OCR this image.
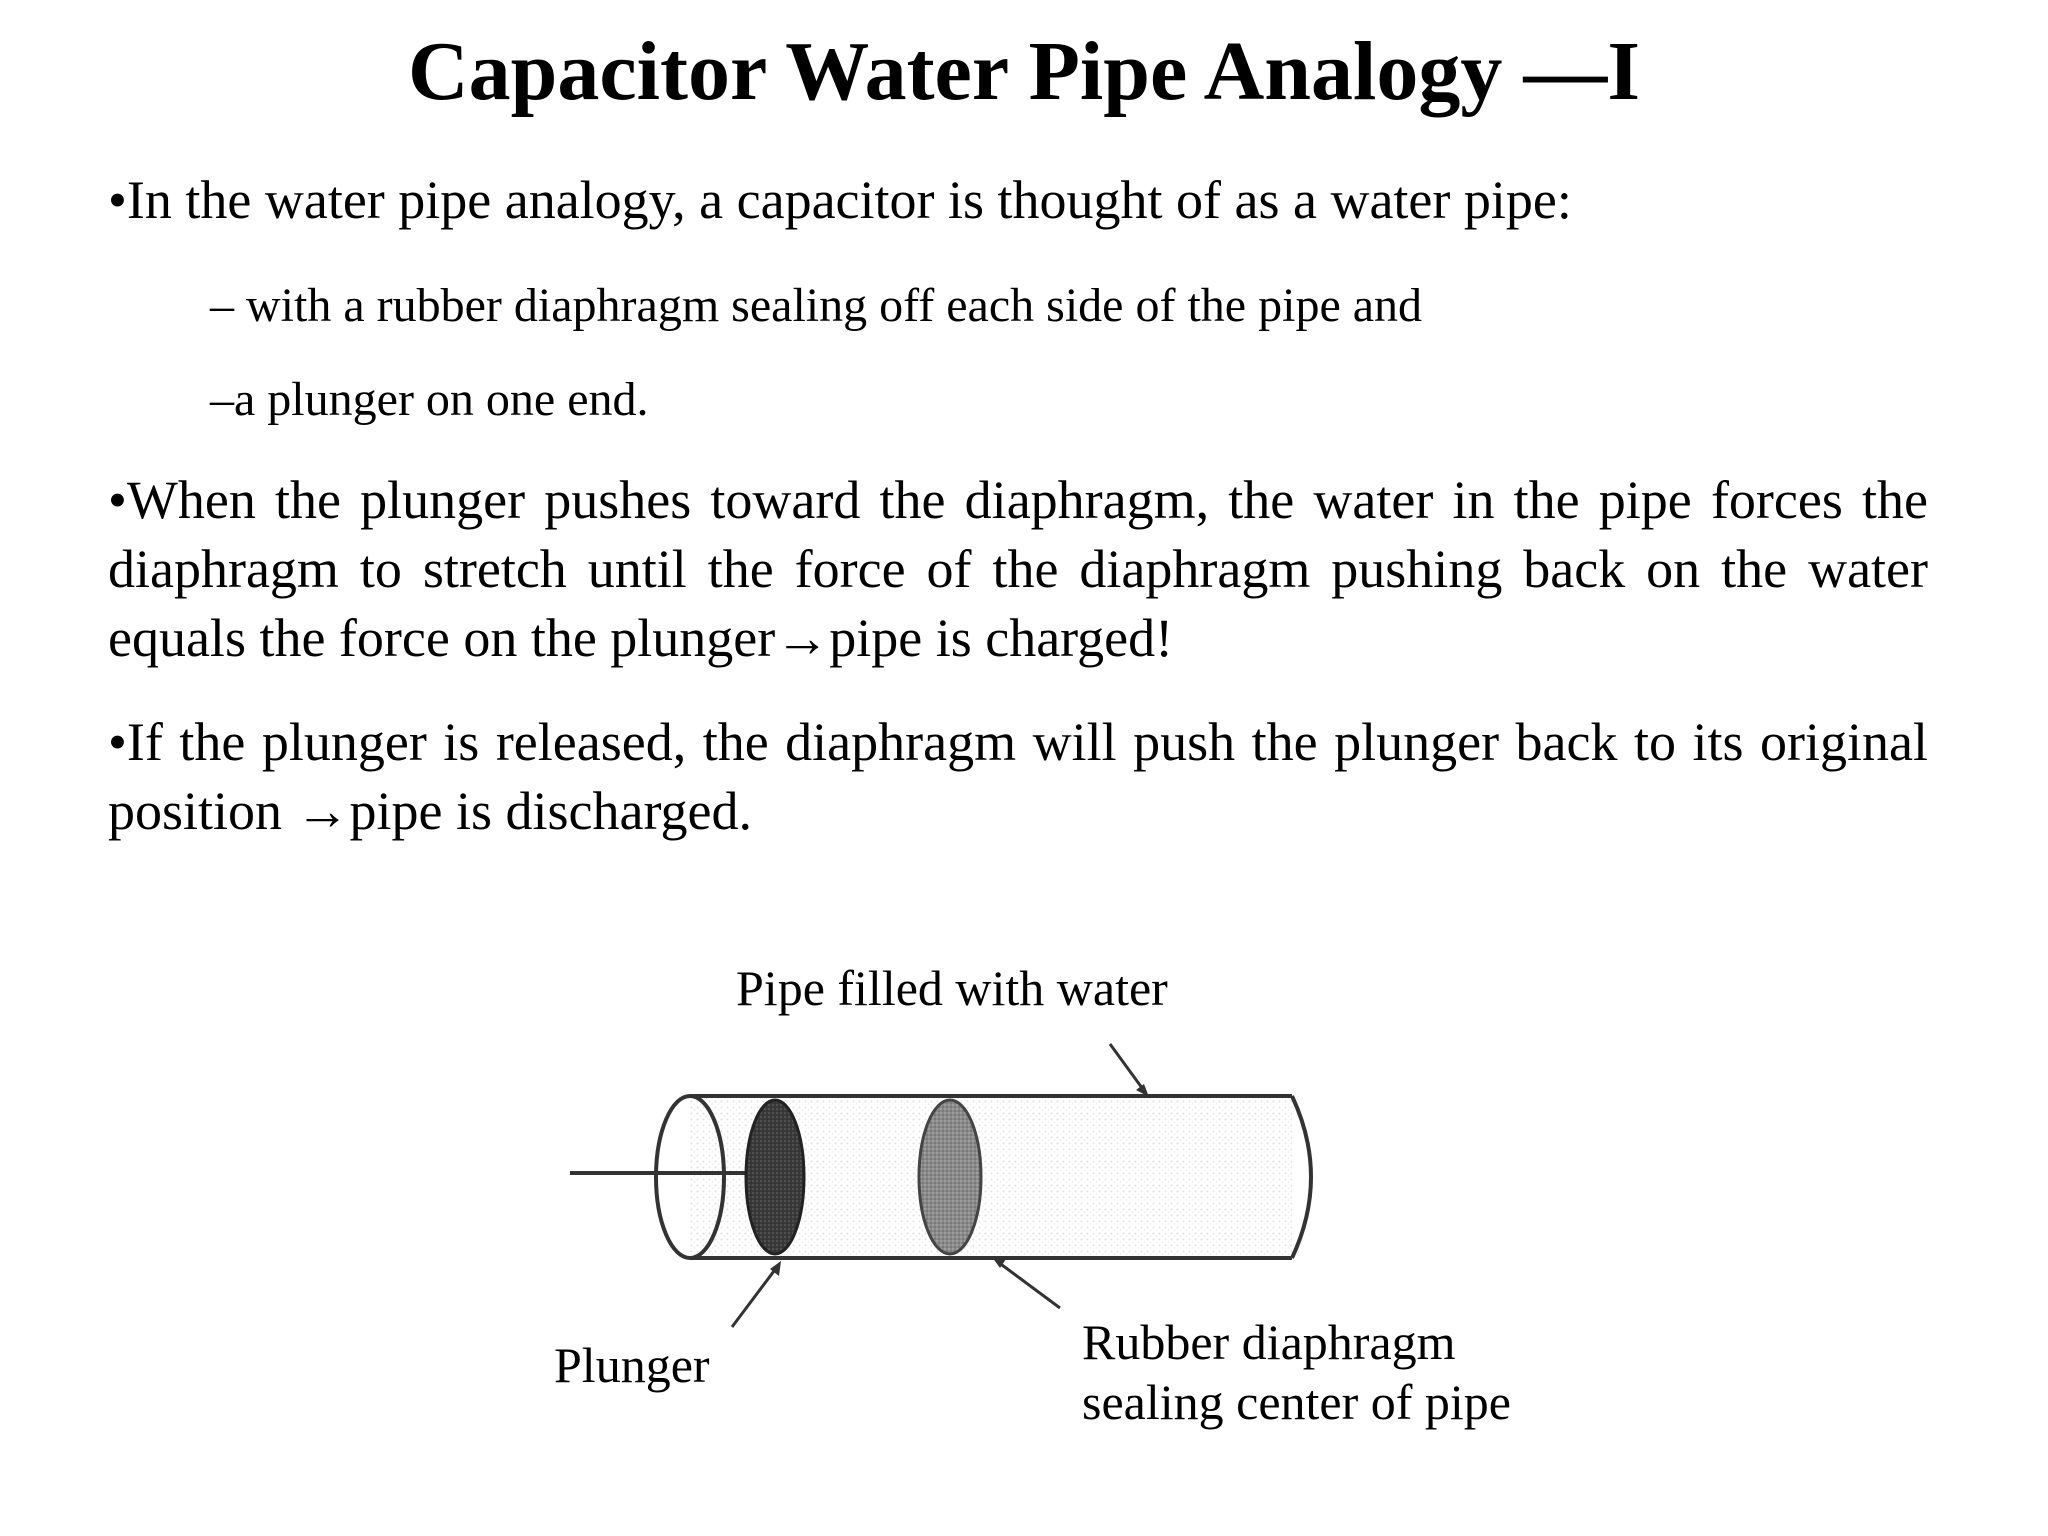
Capacitor Water Pipe Analogy —I
•In the water pipe analogy, a capacitor is thought of as a water pipe:
– with a rubber diaphragm sealing off each side of the pipe and
–a plunger on one end.
•When the plunger pushes toward the diaphragm, the water in the pipe forces the diaphragm to stretch until the force of the diaphragm pushing back on the water equals the force on the plunger→pipe is charged!
•If the plunger is released, the diaphragm will push the plunger back to its original position →pipe is discharged.
Pipe filled with water
Plunger	Rubber diaphragm
sealing center of pipe
